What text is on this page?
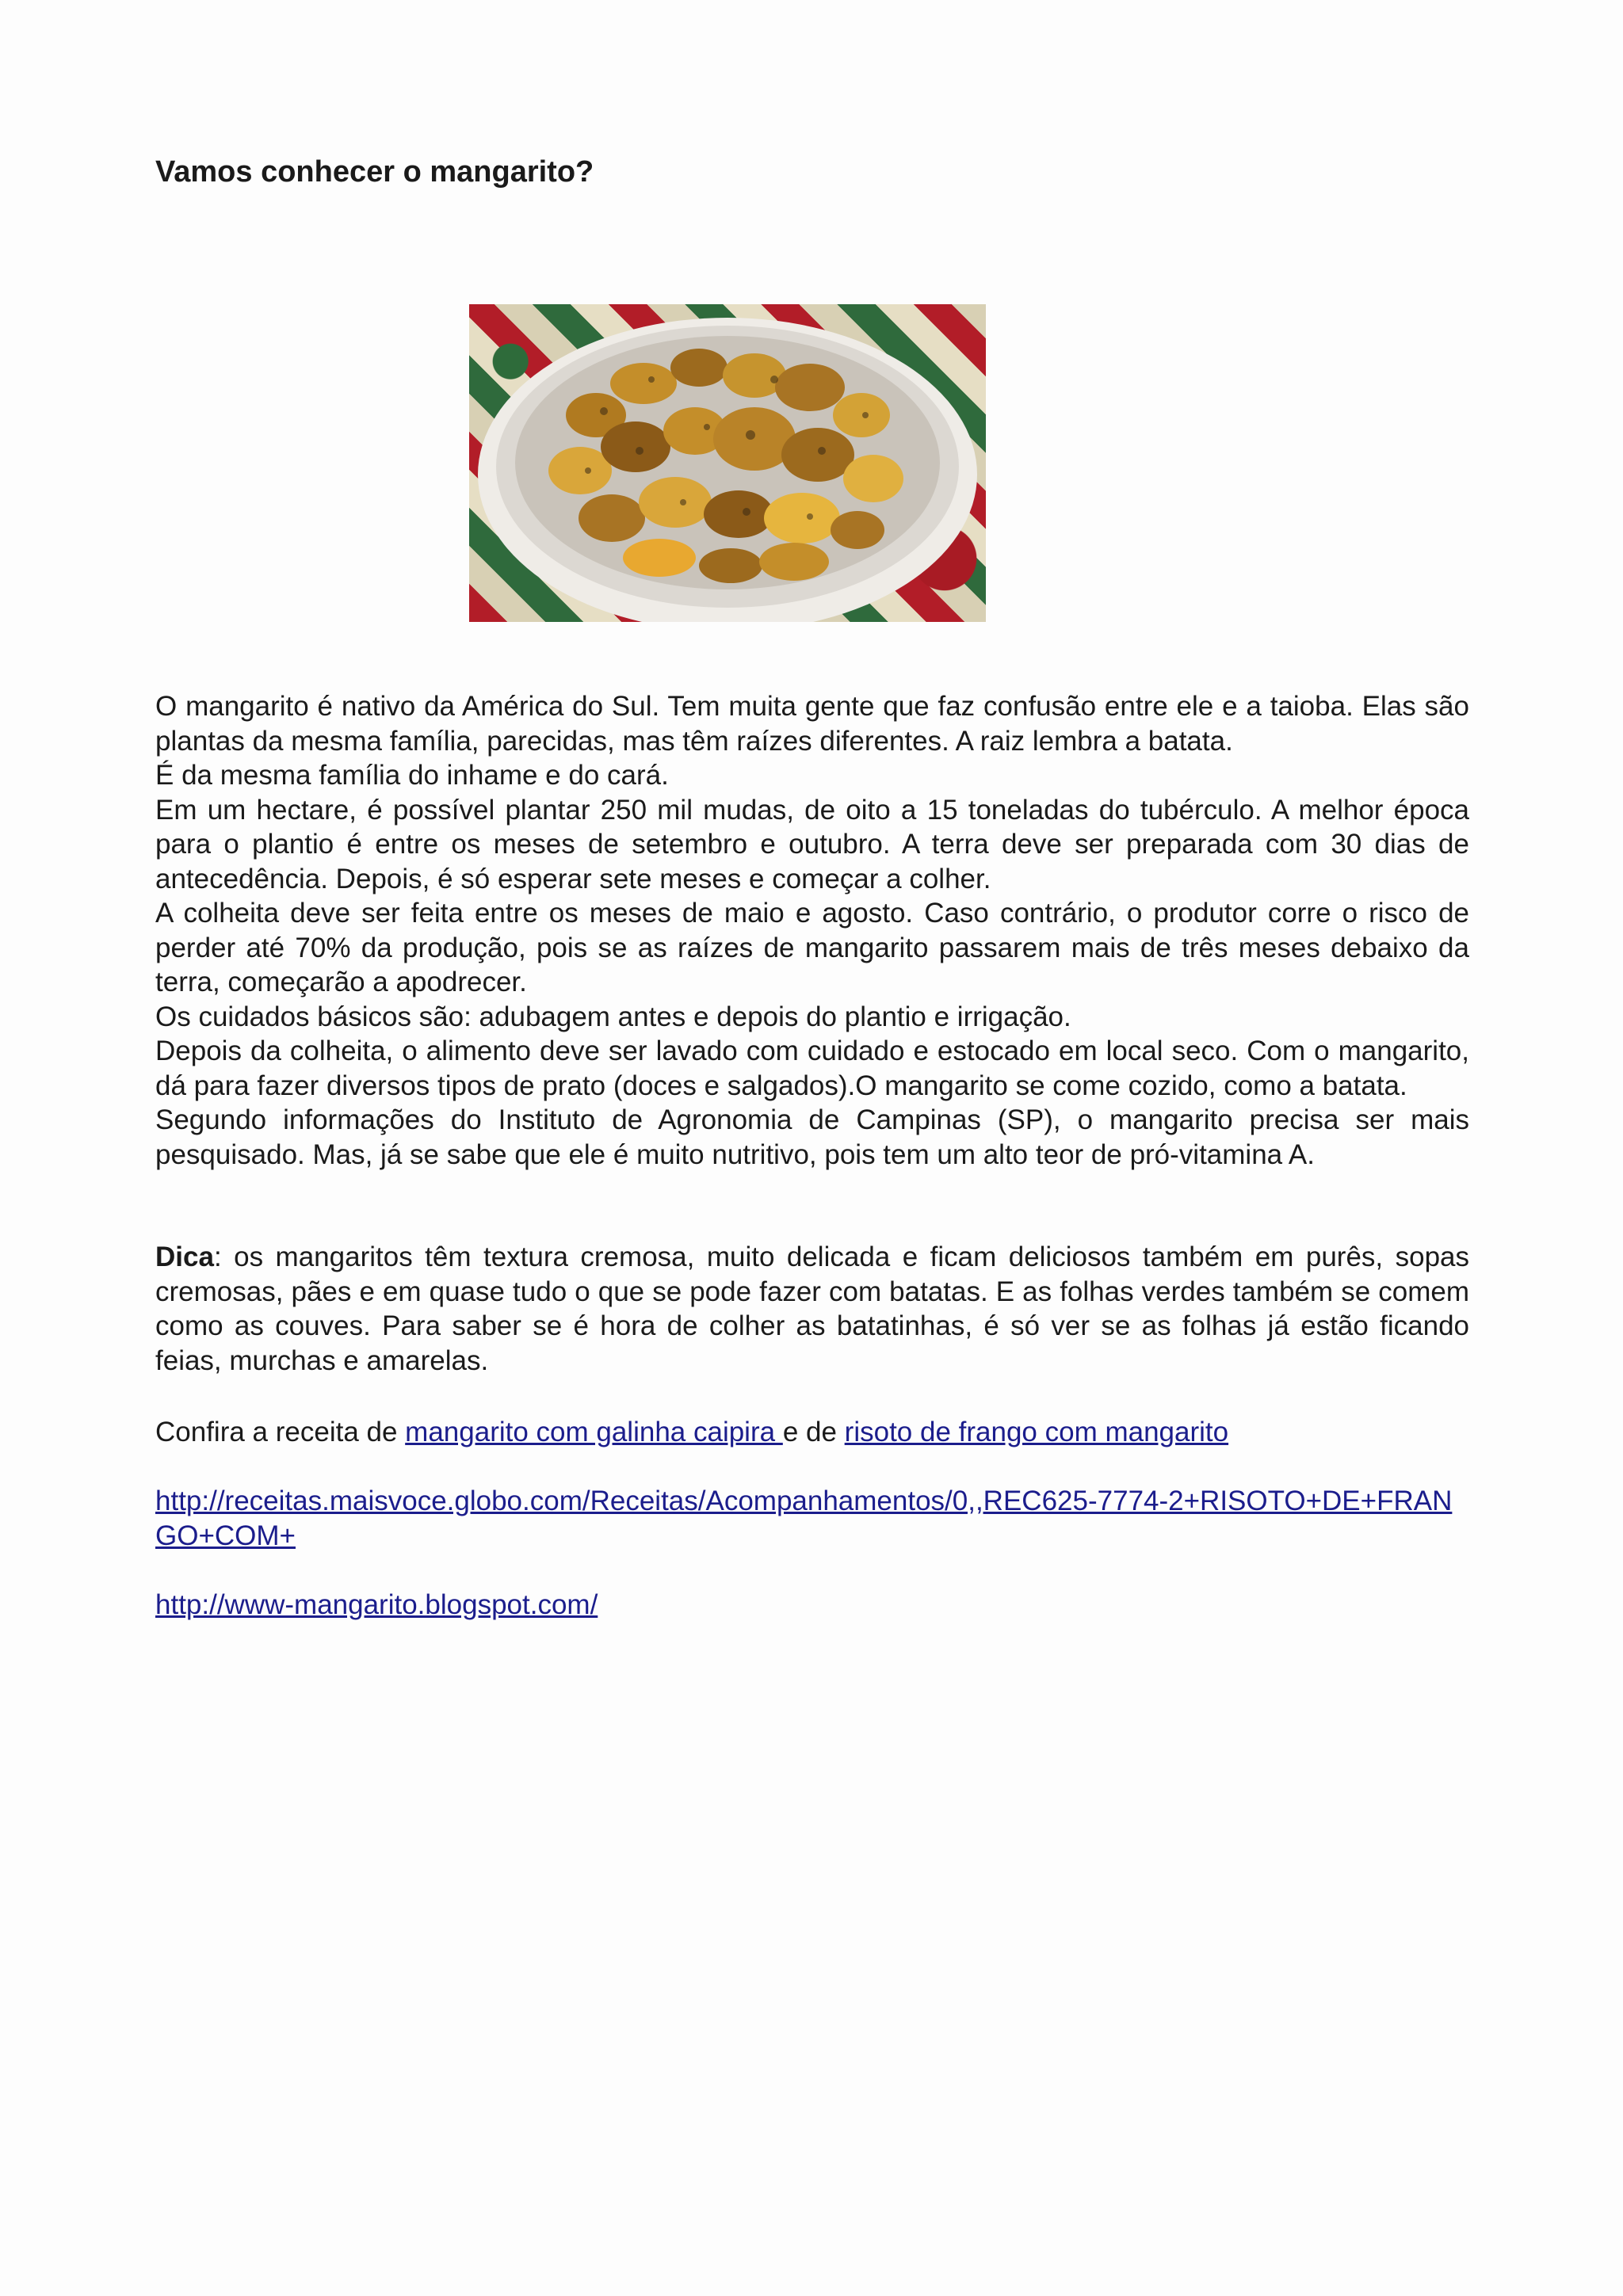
Vamos conhecer o mangarito?

O mangarito é nativo da América do Sul. Tem muita gente que faz confusão entre ele e a taioba. Elas são plantas da mesma família, parecidas, mas têm raízes diferentes. A raiz lembra a batata.

É da mesma família do inhame e do cará.

Em um hectare, é possível plantar 250 mil mudas, de oito a 15 toneladas do tubérculo. A melhor época para o plantio é entre os meses de setembro e outubro. A terra deve ser preparada com 30 dias de antecedência. Depois, é só esperar sete meses e começar a colher.

A colheita deve ser feita entre os meses de maio e agosto. Caso contrário, o produtor corre o risco de perder até 70% da produção, pois se as raízes de mangarito passarem mais de três meses debaixo da terra, começarão a apodrecer.

Os cuidados básicos são: adubagem antes e depois do plantio e irrigação.

Depois da colheita, o alimento deve ser lavado com cuidado e estocado em local seco. Com o mangarito, dá para fazer diversos tipos de prato (doces e salgados).O mangarito se come cozido, como a batata.

Segundo informações do Instituto de Agronomia de Campinas (SP), o mangarito precisa ser mais pesquisado. Mas, já se sabe que ele é muito nutritivo, pois tem um alto teor de pró-vitamina A.

Dica: os mangaritos têm textura cremosa, muito delicada e ficam deliciosos também em purês, sopas cremosas, pães e em quase tudo o que se pode fazer com batatas. E as folhas verdes também se comem como as couves. Para saber se é hora de colher as batatinhas, é só ver se as folhas já estão ficando feias, murchas e amarelas.

Confira a receita de mangarito com galinha caipira e de risoto de frango com mangarito

http://receitas.maisvoce.globo.com/Receitas/Acompanhamentos/0,,REC625-7774-2+RISOTO+DE+FRANGO+COM+

http://www-mangarito.blogspot.com/
